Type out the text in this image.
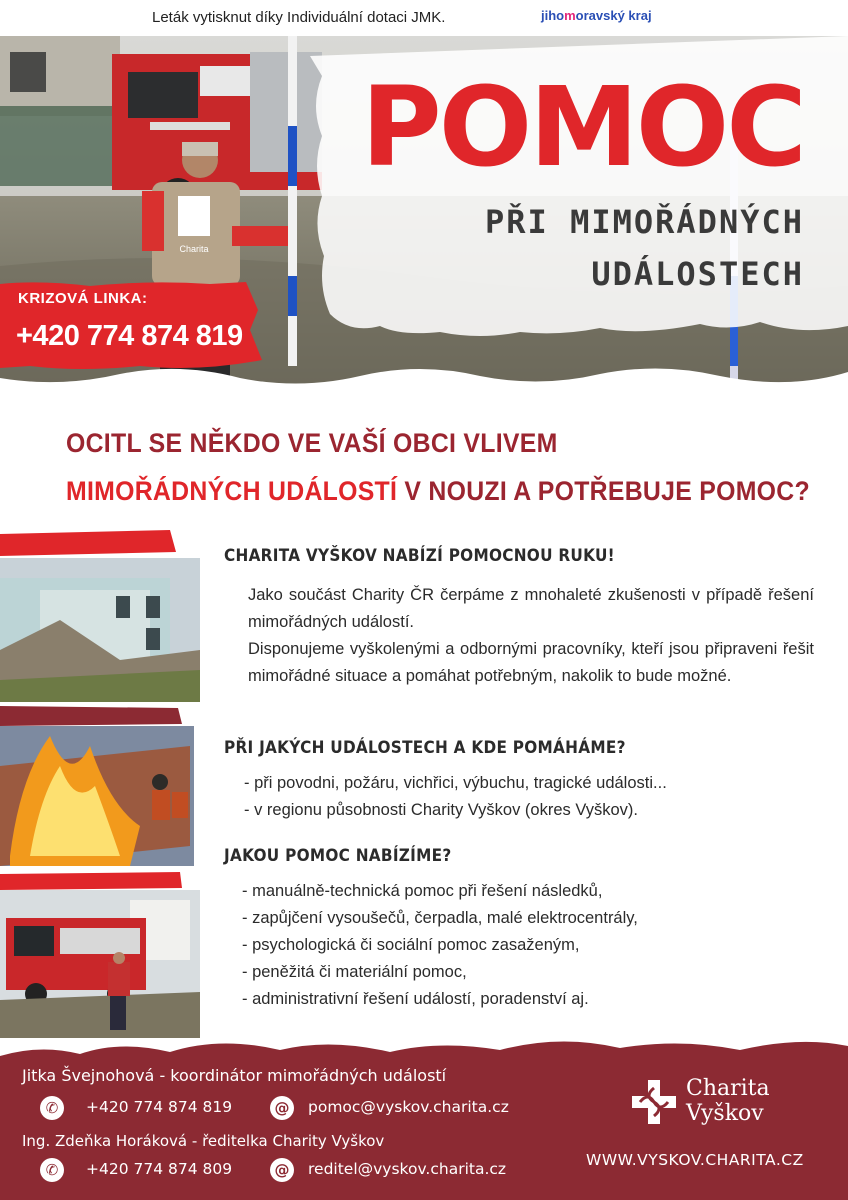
Leták vytisknut díky Individuální dotaci JMK.	jihomoravský kraj
Charita
POMOC
PŘI MIMOŘÁDNÝCH
UDÁLOSTECH
KRIZOVÁ LINKA:
+420 774 874 819
OCITL SE NĚKDO VE VAŠÍ OBCI VLIVEM
MIMOŘÁDNÝCH UDÁLOSTÍ V NOUZI A POTŘEBUJE POMOC?
CHARITA VYŠKOV NABÍZÍ POMOCNOU RUKU!
Jako součást Charity ČR čerpáme z mnohaleté zkušenosti v případě řešení mimořádných událostí.
Disponujeme vyškolenými a odbornými pracovníky, kteří jsou připraveni řešit mimořádné situace a pomáhat potřebným, nakolik to bude možné.
PŘI JAKÝCH UDÁLOSTECH A KDE POMÁHÁME?
- při povodni, požáru, vichřici, výbuchu, tragické události...
- v regionu působnosti Charity Vyškov (okres Vyškov).
JAKOU POMOC NABÍZÍME?
- manuálně-technická pomoc při řešení následků,
- zapůjčení vysoušečů, čerpadla, malé elektrocentrály,
- psychologická či sociální pomoc zasaženým,
- peněžitá či materiální pomoc,
- administrativní řešení událostí, poradenství aj.
Jitka Švejnohová - koordinátor mimořádných událostí
✆	+420 774 874 819	@ pomoc@vyskov.charita.cz
Ing. Zdeňka Horáková - ředitelka Charity Vyškov
✆	+420 774 874 809	@ reditel@vyskov.charita.cz
Charita
Vyškov
WWW.VYSKOV.CHARITA.CZ
